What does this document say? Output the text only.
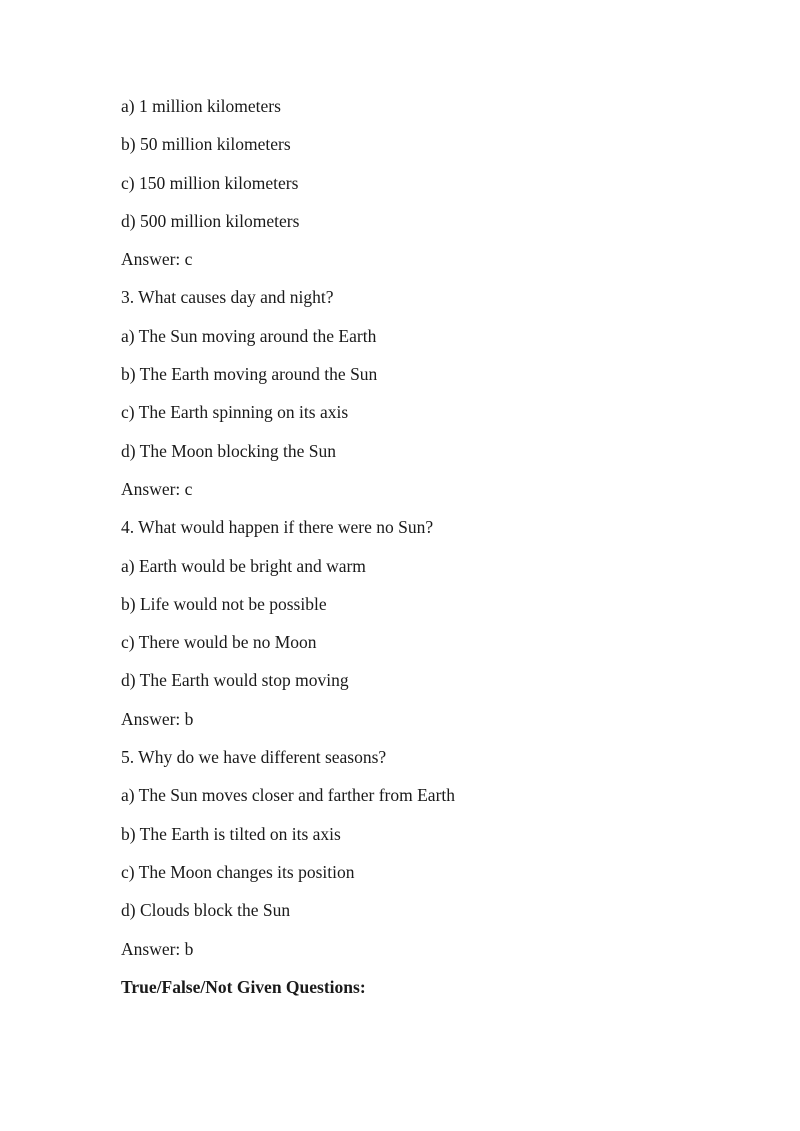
a) 1 million kilometers
b) 50 million kilometers
c) 150 million kilometers
d) 500 million kilometers
Answer: c
3. What causes day and night?
a) The Sun moving around the Earth
b) The Earth moving around the Sun
c) The Earth spinning on its axis
d) The Moon blocking the Sun
Answer: c
4. What would happen if there were no Sun?
a) Earth would be bright and warm
b) Life would not be possible
c) There would be no Moon
d) The Earth would stop moving
Answer: b
5. Why do we have different seasons?
a) The Sun moves closer and farther from Earth
b) The Earth is tilted on its axis
c) The Moon changes its position
d) Clouds block the Sun
Answer: b
True/False/Not Given Questions:
